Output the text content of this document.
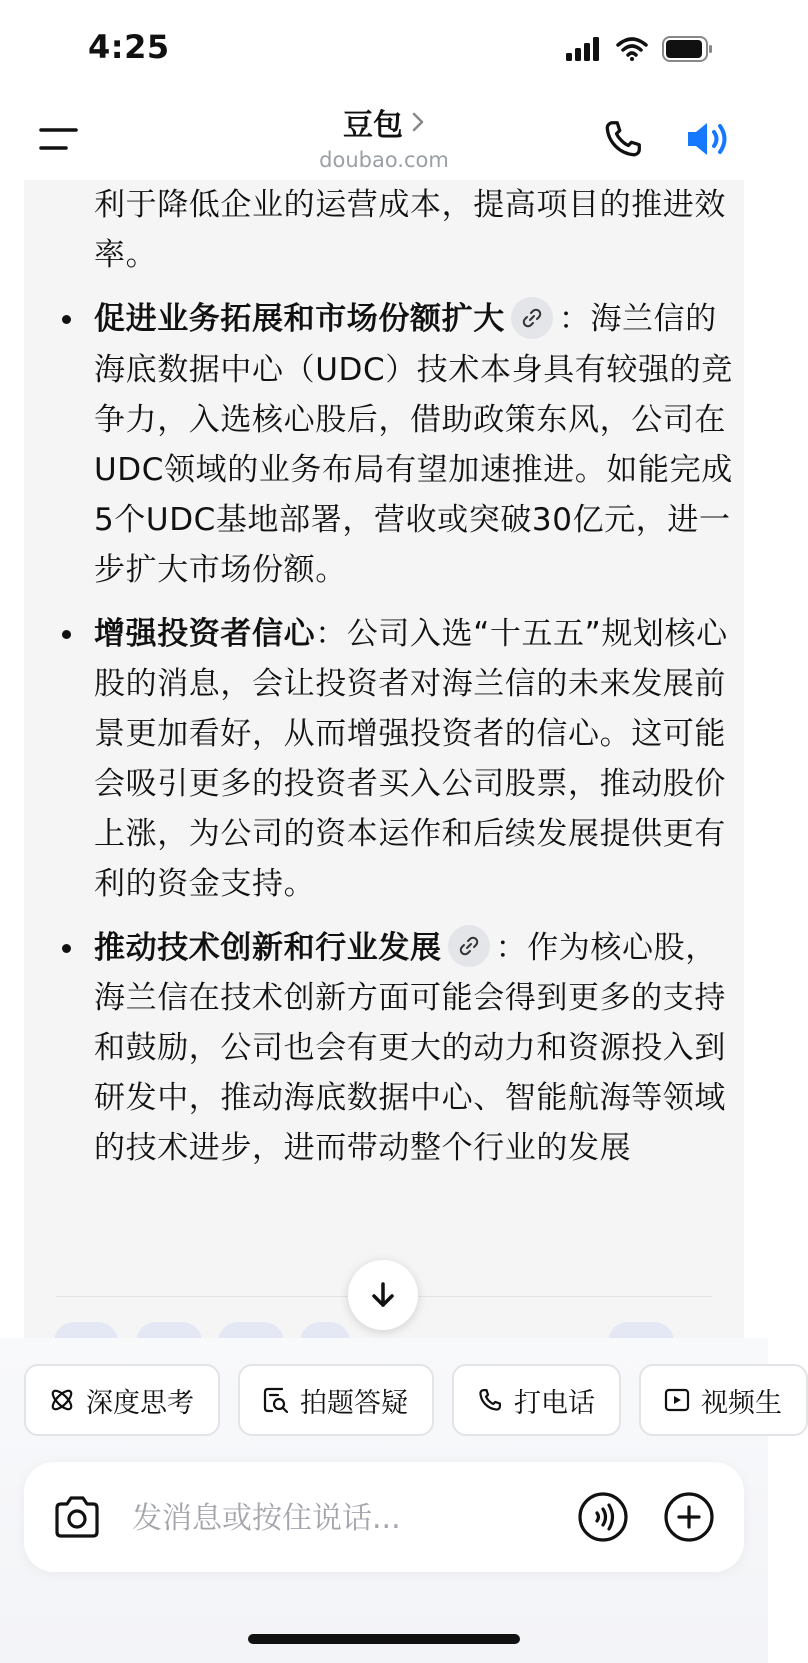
4:25
豆包
doubao.com
利于降低企业的运营成本，提高项目的推进效率。
促进业务拓展和市场份额扩大 ：海兰信的海底数据中心（UDC）技术本身具有较强的竞争力，入选核心股后，借助政策东风，公司在UDC领域的业务布局有望加速推进。如能完成5个UDC基地部署，营收或突破30亿元，进一步扩大市场份额。
增强投资者信心：公司入选“十五五”规划核心股的消息，会让投资者对海兰信的未来发展前景更加看好，从而增强投资者的信心。这可能会吸引更多的投资者买入公司股票，推动股价上涨，为公司的资本运作和后续发展提供更有利的资金支持。
推动技术创新和行业发展 ：作为核心股，海兰信在技术创新方面可能会得到更多的支持和鼓励，公司也会有更大的动力和资源投入到研发中，推动海底数据中心、智能航海等领域的技术进步，进而带动整个行业的发展
深度思考	拍题答疑	打电话	视频生
发消息或按住说话...
